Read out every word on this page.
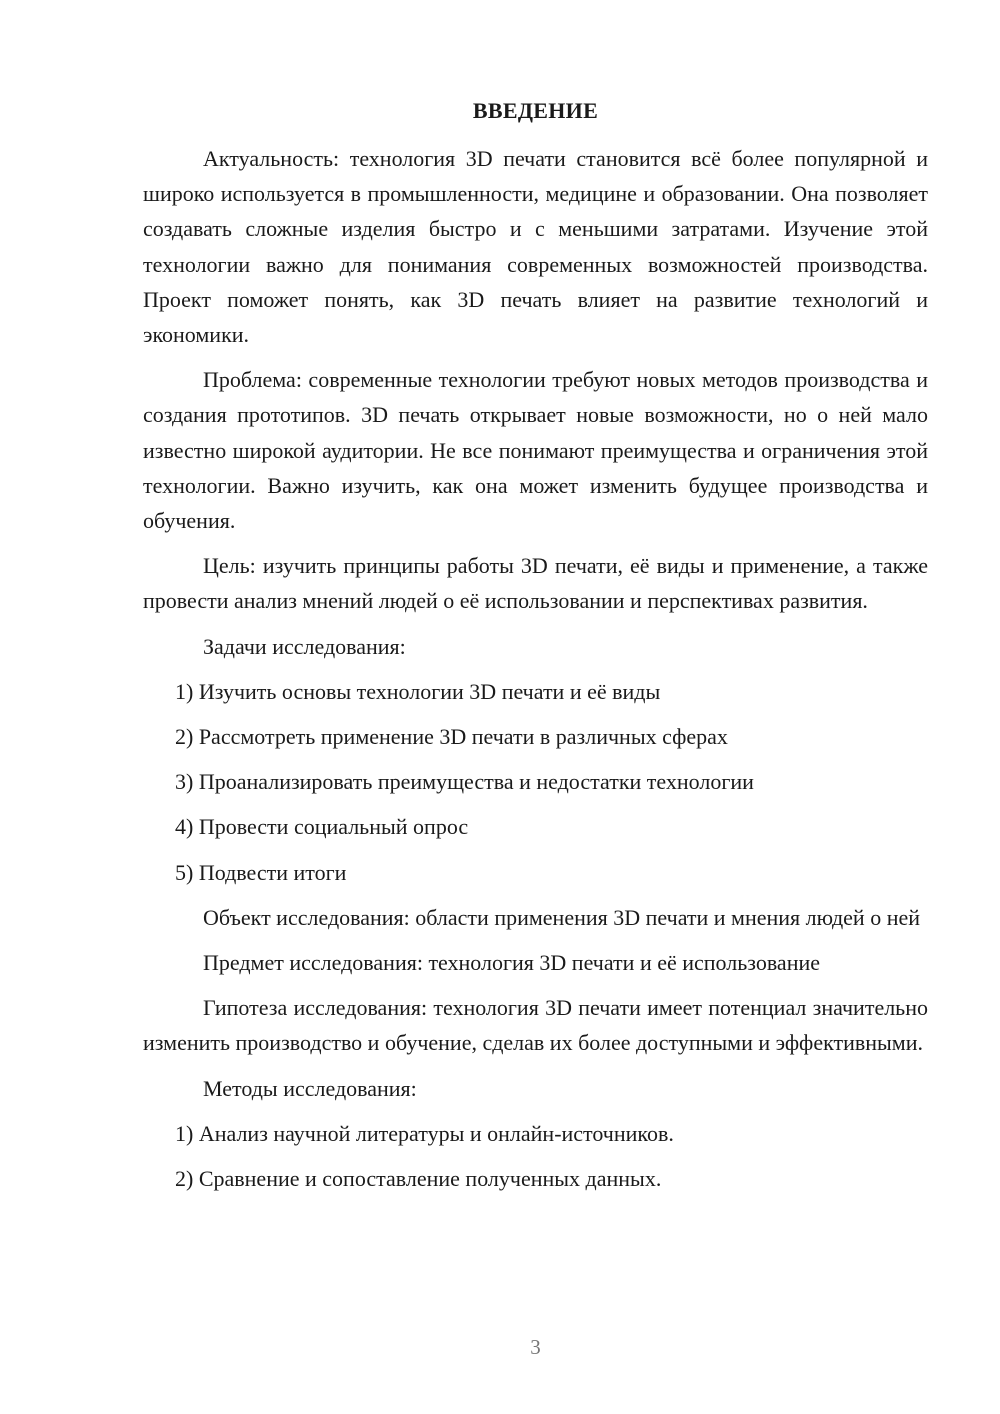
ВВЕДЕНИЕ

Актуальность: технология 3D печати становится всё более популярной и широко используется в промышленности, медицине и образовании. Она позволяет создавать сложные изделия быстро и с меньшими затратами. Изучение этой технологии важно для понимания современных возможностей производства. Проект поможет понять, как 3D печать влияет на развитие технологий и экономики.

Проблема: современные технологии требуют новых методов производства и создания прототипов. 3D печать открывает новые возможности, но о ней мало известно широкой аудитории. Не все понимают преимущества и ограничения этой технологии. Важно изучить, как она может изменить будущее производства и обучения.

Цель: изучить принципы работы 3D печати, её виды и применение, а также провести анализ мнений людей о её использовании и перспективах развития.

Задачи исследования:

1) Изучить основы технологии 3D печати и её виды

2) Рассмотреть применение 3D печати в различных сферах

3) Проанализировать преимущества и недостатки технологии

4) Провести социальный опрос

5) Подвести итоги

Объект исследования: области применения 3D печати и мнения людей о ней

Предмет исследования: технология 3D печати и её использование

Гипотеза исследования: технология 3D печати имеет потенциал значительно изменить производство и обучение, сделав их более доступными и эффективными.

Методы исследования:

1) Анализ научной литературы и онлайн-источников.

2) Сравнение и сопоставление полученных данных.

3
